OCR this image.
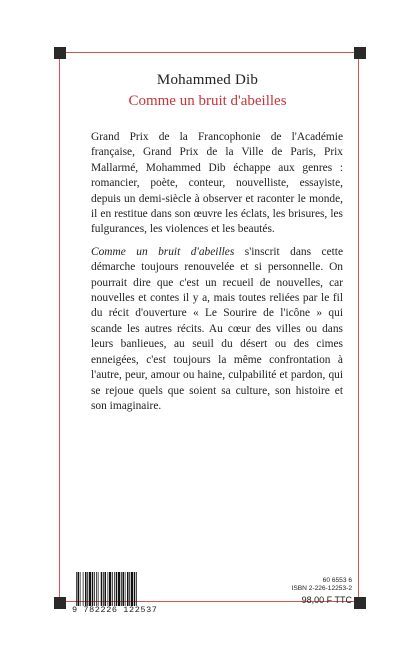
Mohammed Dib
Comme un bruit d'abeilles

Grand Prix de la Francophonie de l'Académie française, Grand Prix de la Ville de Paris, Prix Mallarmé, Mohammed Dib échappe aux genres : romancier, poète, conteur, nouvelliste, essayiste, depuis un demi-siècle à observer et raconter le monde, il en restitue dans son œuvre les éclats, les brisures, les fulgurances, les violences et les beautés.

Comme un bruit d'abeilles s'inscrit dans cette démarche toujours renouvelée et si personnelle. On pourrait dire que c'est un recueil de nouvelles, car nouvelles et contes il y a, mais toutes reliées par le fil du récit d'ouverture « Le Sourire de l'icône » qui scande les autres récits. Au cœur des villes ou dans leurs banlieues, au seuil du désert ou des cimes enneigées, c'est toujours la même confrontation à l'autre, peur, amour ou haine, culpabilité et pardon, qui se rejoue quels que soient sa culture, son histoire et son imaginaire.

9 782226 122537
60 6553 6
ISBN 2-226-12253-2
98,00 F TTC
